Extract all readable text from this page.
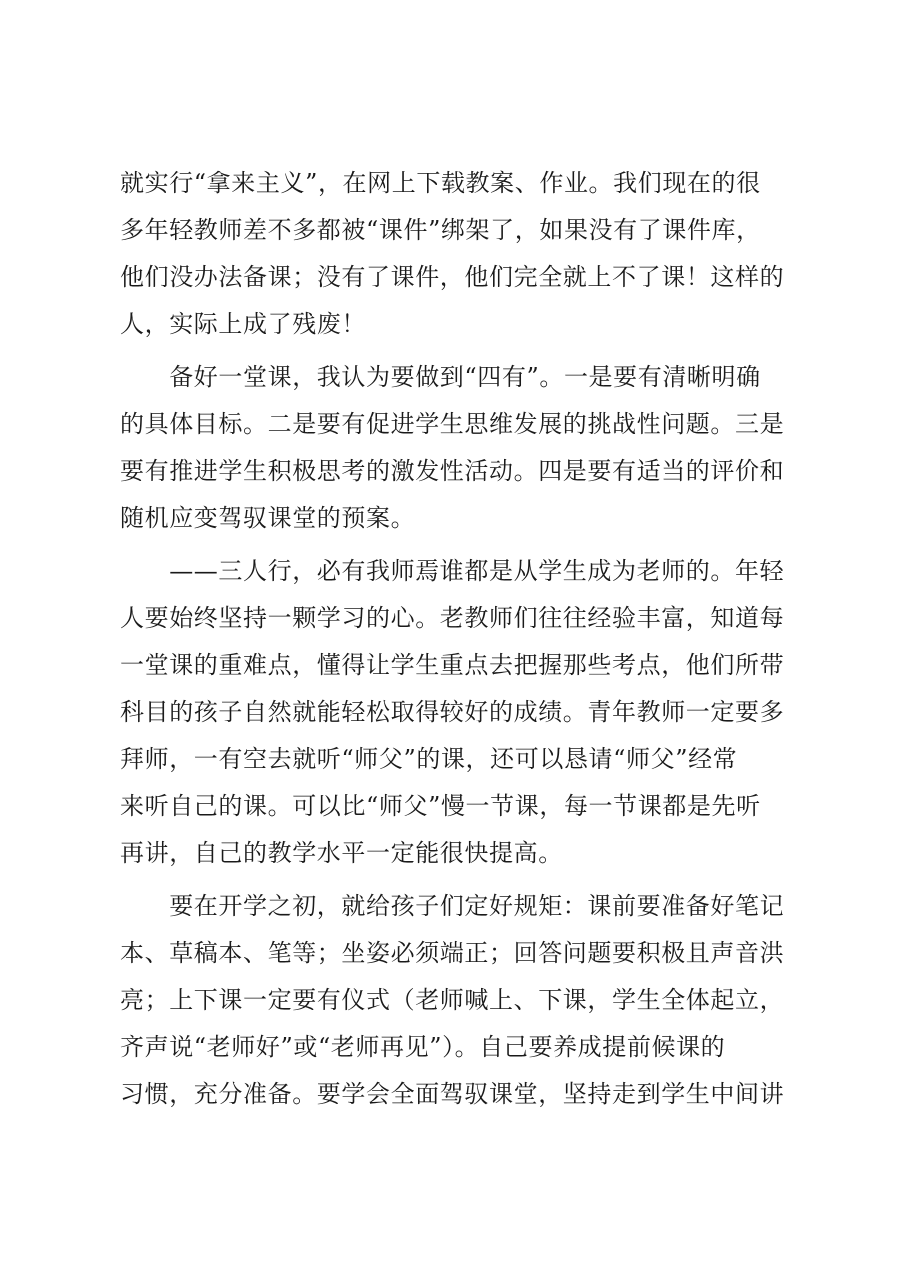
就实行“拿来主义”，在网上下载教案、作业。我们现在的很
多年轻教师差不多都被“课件”绑架了，如果没有了课件库，
他们没办法备课；没有了课件，他们完全就上不了课！这样的
人，实际上成了残废！
　　备好一堂课，我认为要做到“四有”。一是要有清晰明确
的具体目标。二是要有促进学生思维发展的挑战性问题。三是
要有推进学生积极思考的激发性活动。四是要有适当的评价和
随机应变驾驭课堂的预案。
　　——三人行，必有我师焉谁都是从学生成为老师的。年轻
人要始终坚持一颗学习的心。老教师们往往经验丰富，知道每
一堂课的重难点，懂得让学生重点去把握那些考点，他们所带
科目的孩子自然就能轻松取得较好的成绩。青年教师一定要多
拜师，一有空去就听“师父”的课，还可以恳请“师父”经常
来听自己的课。可以比“师父”慢一节课，每一节课都是先听
再讲，自己的教学水平一定能很快提高。
　　要在开学之初，就给孩子们定好规矩：课前要准备好笔记
本、草稿本、笔等；坐姿必须端正；回答问题要积极且声音洪
亮；上下课一定要有仪式（老师喊上、下课，学生全体起立，
齐声说“老师好”或“老师再见”）。自己要养成提前候课的
习惯，充分准备。要学会全面驾驭课堂，坚持走到学生中间讲
